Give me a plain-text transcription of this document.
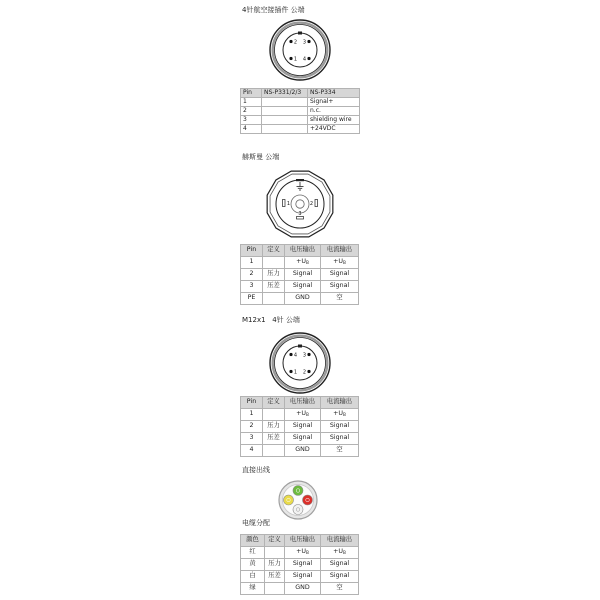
4针航空接插件 公端
2 3
1 4
Pin	NS-P331/2/3	NS-P334
1		Signal+
2		n.c.
3		shielding wire
4		+24VDC
赫斯曼 公端
1	2
3
Pin	定义	电压输出	电流输出
1		+UB	+UB
2	压力	Signal	Signal
3	压差	Signal	Signal
PE		GND	空
M12x1   4针 公端
4 3
1 2
Pin	定义	电压输出	电流输出
1		+UB	+UB
2	压力	Signal	Signal
3	压差	Signal	Signal
4		GND	空
直接出线
电缆分配
颜色	定义	电压输出	电流输出
红		+UB	+UB
黄	压力	Signal	Signal
白	压差	Signal	Signal
绿		GND	空
